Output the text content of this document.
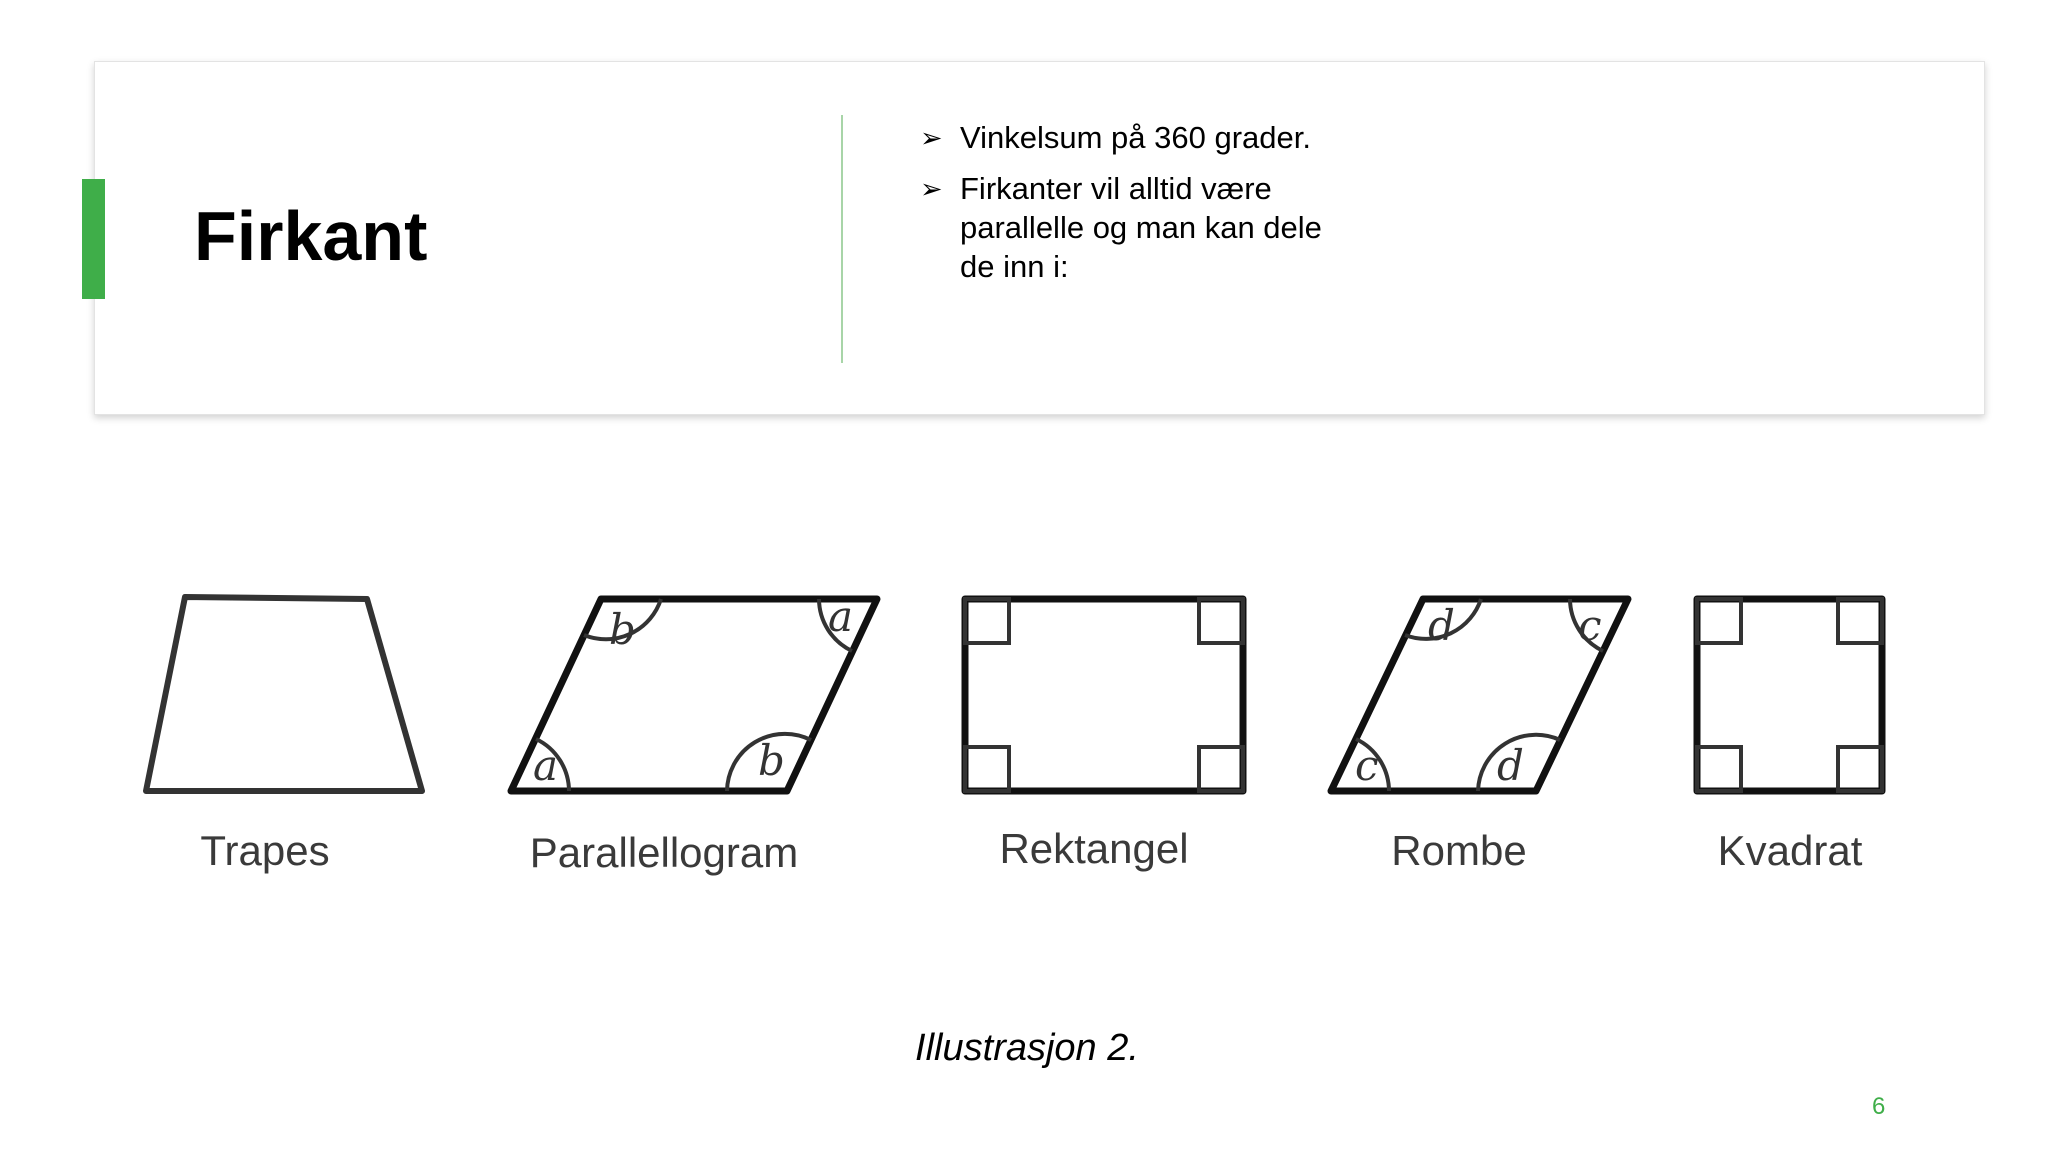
Firkant
➢ Vinkelsum på 360 grader.
➢ Firkanter vil alltid være parallelle og man kan dele de inn i:
b	a
a	b
d	c
c	d
Trapes	Parallellogram	Rektangel	Rombe	Kvadrat
Illustrasjon 2.
6
